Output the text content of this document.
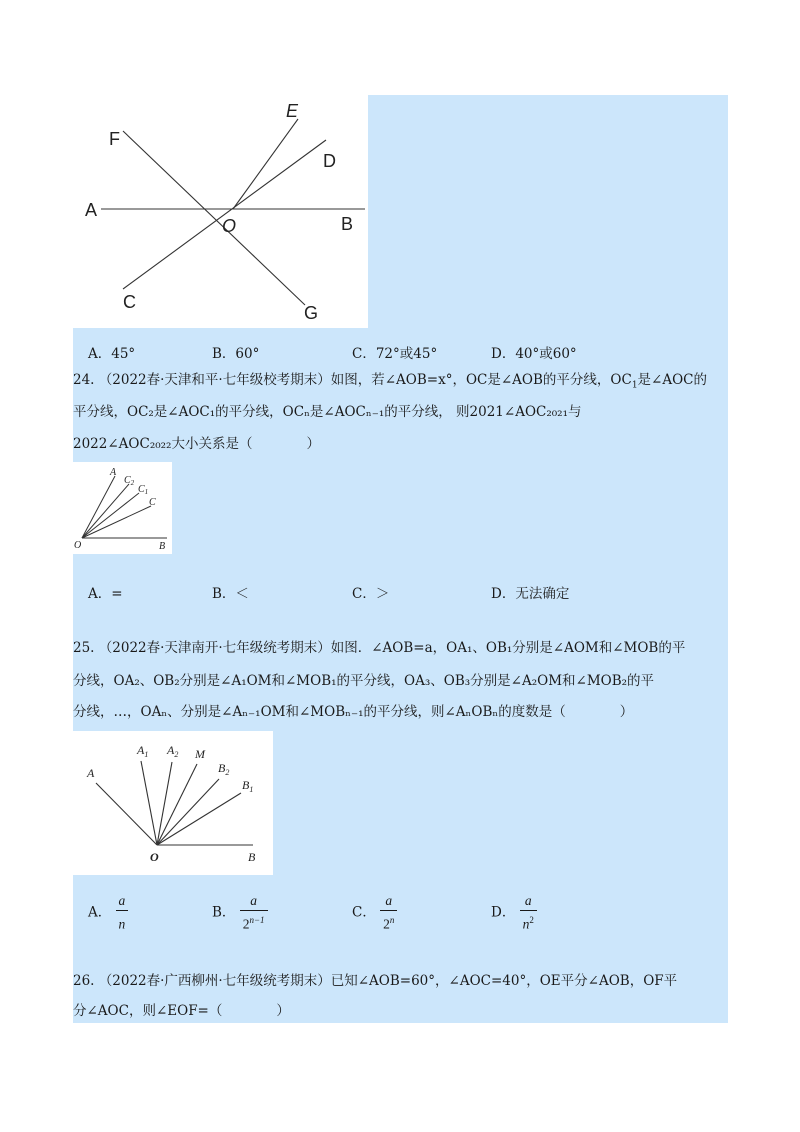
E
F
D
A
O	B
C
G
A．45°	B．60°	C．72°或45°	D．40°或60°
24. （2022春·天津和平·七年级校考期末）如图，若∠AOB=x°，OC是∠AOB的平分线，$OC_1$是∠AOC的
平分线，OC₂是∠AOC₁的平分线，OCₙ是∠AOCₙ₋₁的平分线， 则2021∠AOC₂₀₂₁与
2022∠AOC₂₀₂₂大小关系是（　　　　）
A
$C_2$
$C_1$
C
O	B
A．=	B．＜	C．＞	D．无法确定
25. （2022春·天津南开·七年级统考期末）如图．∠AOB=a，OA₁、OB₁分别是∠AOM和∠MOB的平
分线，OA₂、OB₂分别是∠A₁OM和∠MOB₁的平分线，OA₃、OB₃分别是∠A₂OM和∠MOB₂的平
分线，…，OAₙ、分别是∠Aₙ₋₁OM和∠MOBₙ₋₁的平分线，则∠AₙOBₙ的度数是（　　　　）
A
$A_1$ $A_2$ M
$B_2$
$B_1$
O	B
A． $\frac{a}{n}$	B． $\frac{a}{2^{n-1}}$	C． $\frac{a}{2^n}$	D． $\frac{a}{n^2}$
26. （2022春·广西柳州·七年级统考期末）已知∠AOB=60°，∠AOC=40°，OE平分∠AOB，OF平
分∠AOC，则∠EOF=（　　　　）
